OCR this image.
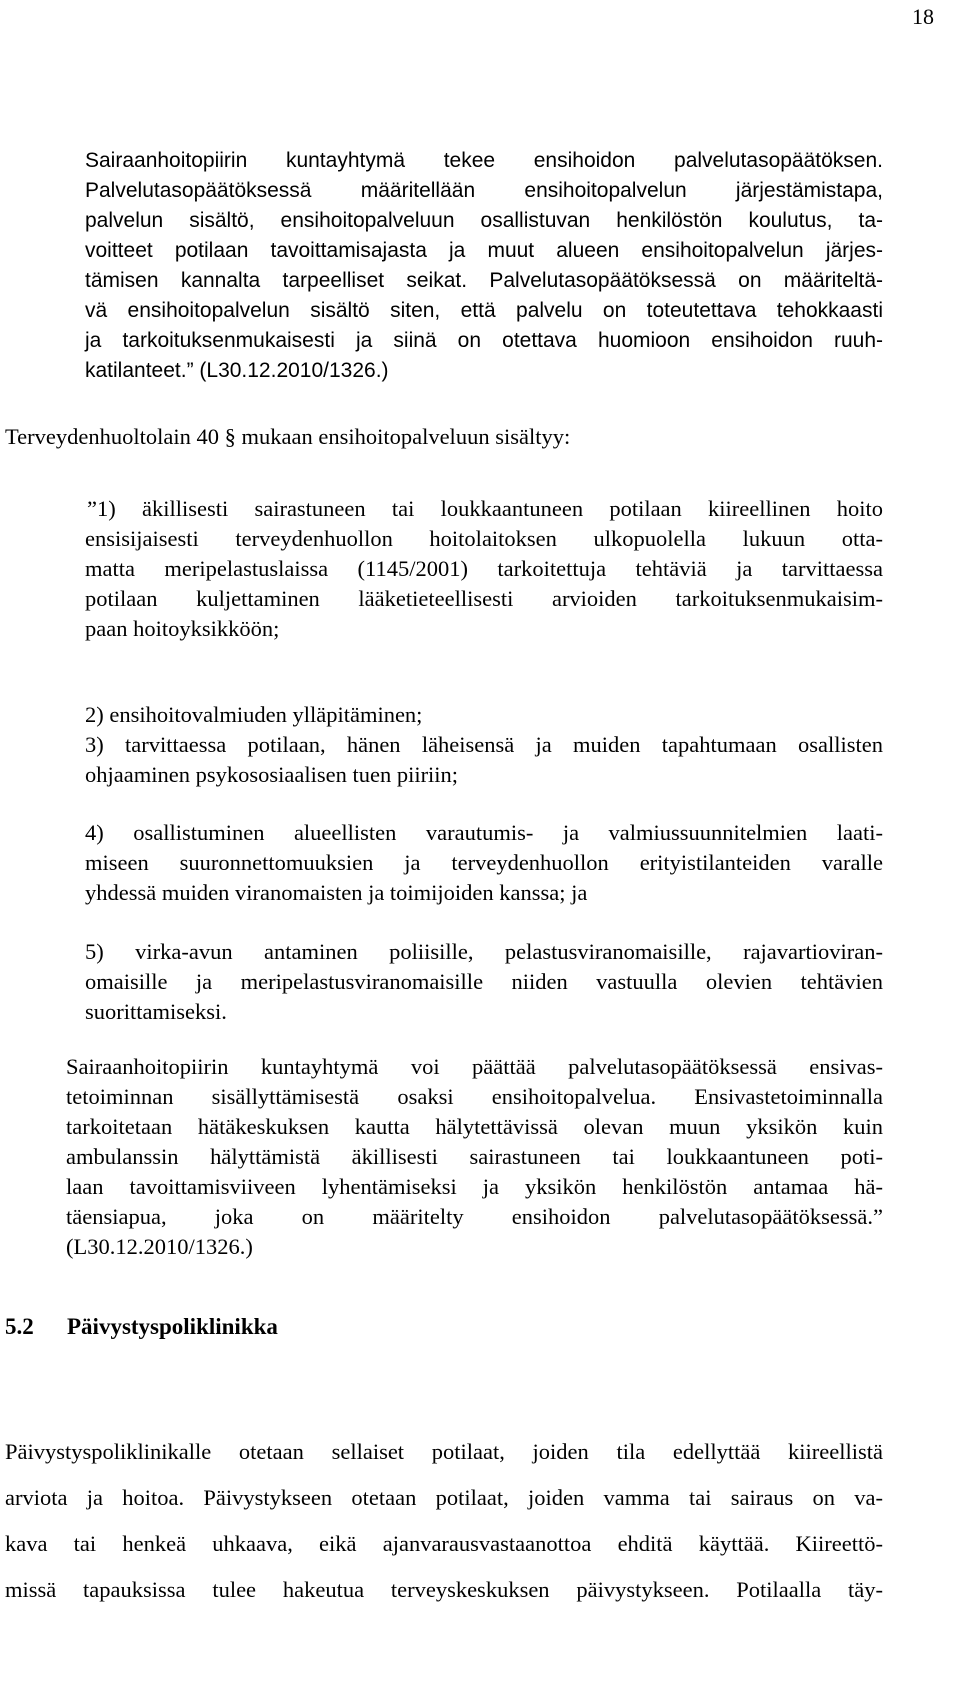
18
Sairaanhoitopiirin kuntayhtymä tekee ensihoidon palvelutasopäätöksen.
Palvelutasopäätöksessä määritellään ensihoitopalvelun järjestämistapa,
palvelun sisältö, ensihoitopalveluun osallistuvan henkilöstön koulutus, ta-
voitteet potilaan tavoittamisajasta ja muut alueen ensihoitopalvelun järjes-
tämisen kannalta tarpeelliset seikat. Palvelutasopäätöksessä on määriteltä-
vä ensihoitopalvelun sisältö siten, että palvelu on toteutettava tehokkaasti
ja tarkoituksenmukaisesti ja siinä on otettava huomioon ensihoidon ruuh-
katilanteet.” (L30.12.2010/1326.)
Terveydenhuoltolain 40 § mukaan ensihoitopalveluun sisältyy:
”1) äkillisesti sairastuneen tai loukkaantuneen potilaan kiireellinen hoito
ensisijaisesti terveydenhuollon hoitolaitoksen ulkopuolella lukuun otta-
matta meripelastuslaissa (1145/2001) tarkoitettuja tehtäviä ja tarvittaessa
potilaan kuljettaminen lääketieteellisesti arvioiden tarkoituksenmukaisim-
paan hoitoyksikköön;
2) ensihoitovalmiuden ylläpitäminen;
3) tarvittaessa potilaan, hänen läheisensä ja muiden tapahtumaan osallisten
ohjaaminen psykososiaalisen tuen piiriin;
4) osallistuminen alueellisten varautumis- ja valmiussuunnitelmien laati-
miseen suuronnettomuuksien ja terveydenhuollon erityistilanteiden varalle
yhdessä muiden viranomaisten ja toimijoiden kanssa; ja
5) virka-avun antaminen poliisille, pelastusviranomaisille, rajavartioviran-
omaisille ja meripelastusviranomaisille niiden vastuulla olevien tehtävien
suorittamiseksi.
Sairaanhoitopiirin kuntayhtymä voi päättää palvelutasopäätöksessä ensivas-
tetoiminnan sisällyttämisestä osaksi ensihoitopalvelua. Ensivastetoiminnalla
tarkoitetaan hätäkeskuksen kautta hälytettävissä olevan muun yksikön kuin
ambulanssin hälyttämistä äkillisesti sairastuneen tai loukkaantuneen poti-
laan tavoittamisviiveen lyhentämiseksi ja yksikön henkilöstön antamaa hä-
täensiapua, joka on määritelty ensihoidon palvelutasopäätöksessä.”
(L30.12.2010/1326.)
5.2 Päivystyspoliklinikka
Päivystyspoliklinikalle otetaan sellaiset potilaat, joiden tila edellyttää kiireellistä
arviota ja hoitoa. Päivystykseen otetaan potilaat, joiden vamma tai sairaus on va-
kava tai henkeä uhkaava, eikä ajanvarausvastaanottoa ehditä käyttää. Kiireettö-
missä tapauksissa tulee hakeutua terveyskeskuksen päivystykseen. Potilaalla täy-
